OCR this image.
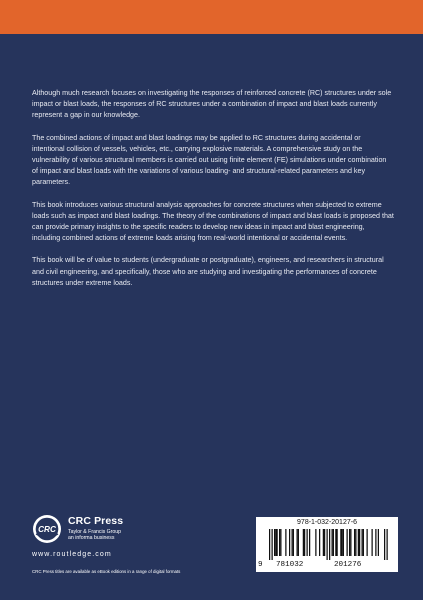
Although much research focuses on investigating the responses of reinforced concrete (RC) structures under sole impact or blast loads, the responses of RC structures under a combination of impact and blast loads currently represent a gap in our knowledge.

The combined actions of impact and blast loadings may be applied to RC structures during accidental or intentional collision of vessels, vehicles, etc., carrying explosive materials. A comprehensive study on the vulnerability of various structural members is carried out using finite element (FE) simulations under combination of impact and blast loads with the variations of various loading- and structural-related parameters and key parameters.

This book introduces various structural analysis approaches for concrete structures when subjected to extreme loads such as impact and blast loadings. The theory of the combinations of impact and blast loads is proposed that can provide primary insights to the specific readers to develop new ideas in impact and blast engineering, including combined actions of extreme loads arising from real-world intentional or accidental events.

This book will be of value to students (undergraduate or postgraduate), engineers, and researchers in structural and civil engineering, and specifically, those who are studying and investigating the performances of concrete structures under extreme loads.

CRC
CRC Press
Taylor & Francis Group
an informa business
www.routledge.com
CRC Press titles are available as eBook editions in a range of digital formats
978-1-032-20127-6
9 781032	201276
